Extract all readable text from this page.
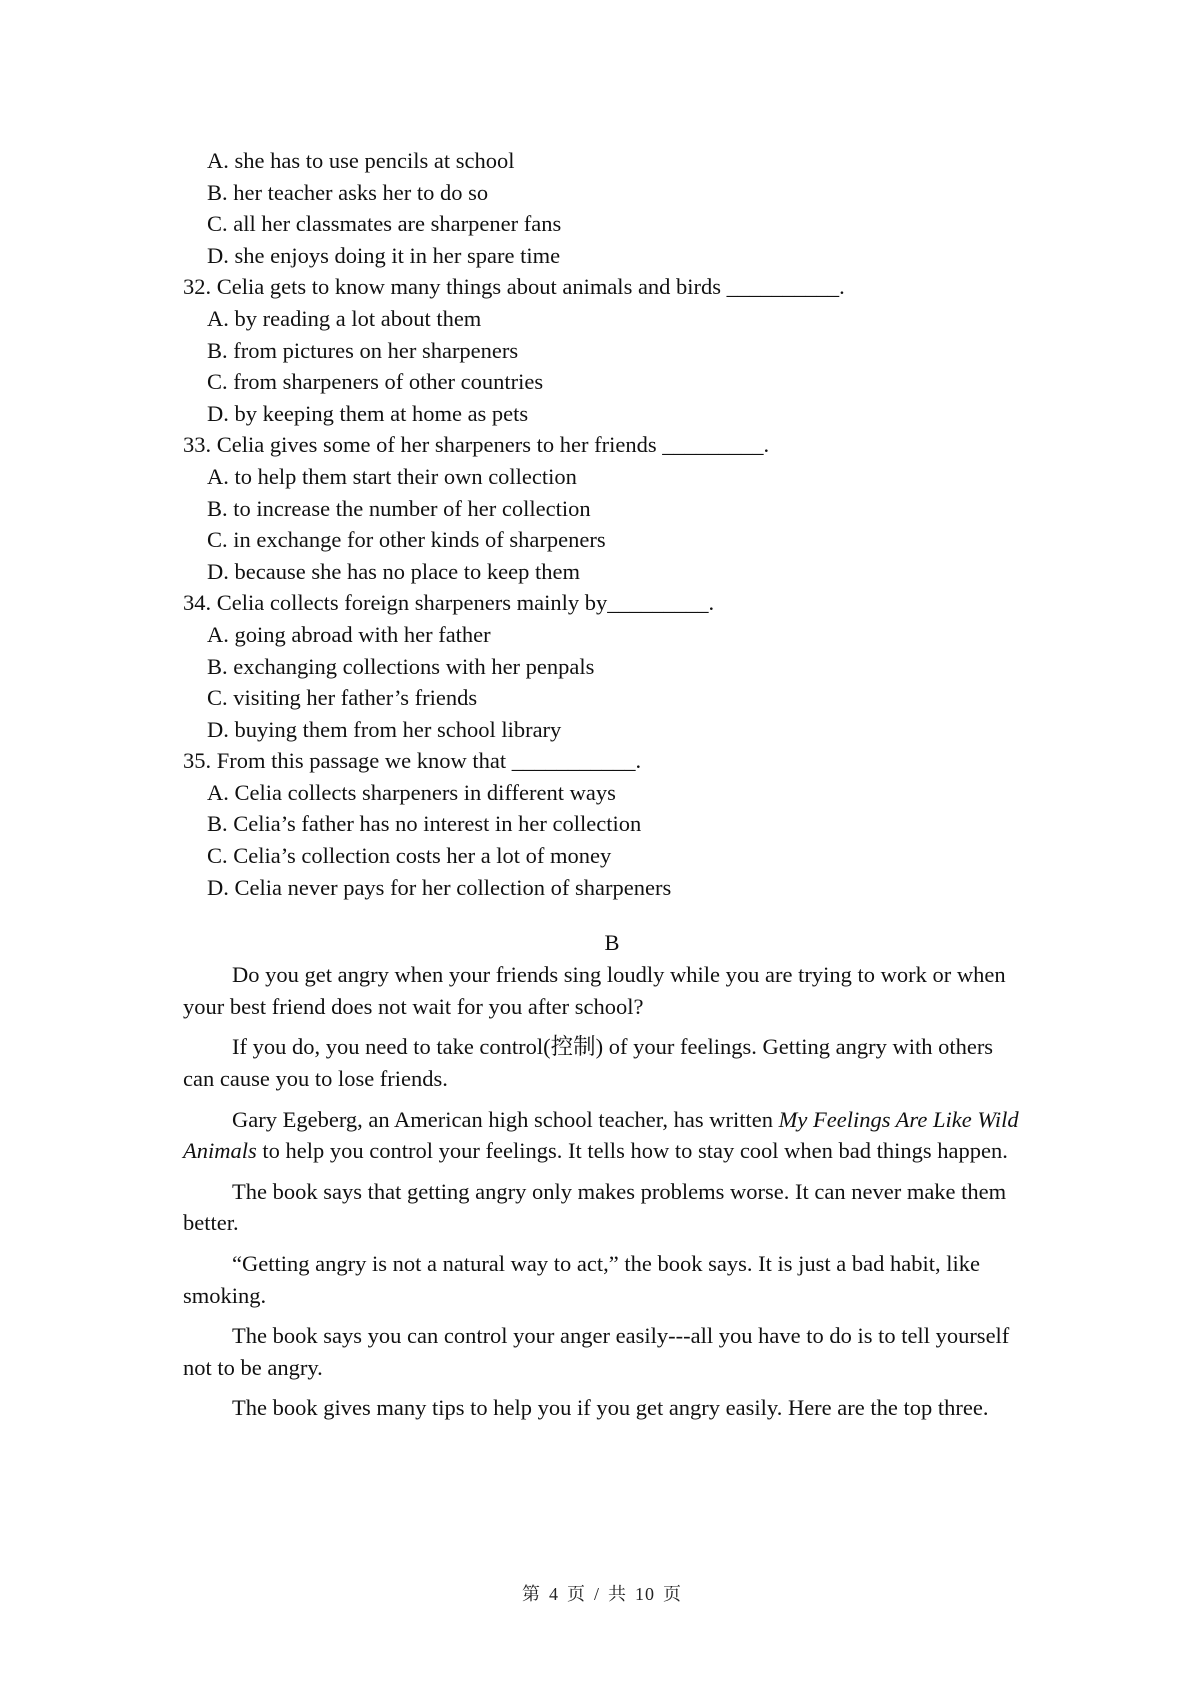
A. she has to use pencils at school
B. her teacher asks her to do so
C. all her classmates are sharpener fans
D. she enjoys doing it in her spare time
32. Celia gets to know many things about animals and birds __________.
A. by reading a lot about them
B. from pictures on her sharpeners
C. from sharpeners of other countries
D. by keeping them at home as pets
33. Celia gives some of her sharpeners to her friends _________.
A. to help them start their own collection
B. to increase the number of her collection
C. in exchange for other kinds of sharpeners
D. because she has no place to keep them
34. Celia collects foreign sharpeners mainly by_________.
A. going abroad with her father
B. exchanging collections with her penpals
C. visiting her father’s friends
D. buying them from her school library
35. From this passage we know that ___________.
A. Celia collects sharpeners in different ways
B. Celia’s father has no interest in her collection
C. Celia’s collection costs her a lot of money
D. Celia never pays for her collection of sharpeners
B

Do you get angry when your friends sing loudly while you are trying to work or when your best friend does not wait for you after school?

If you do, you need to take control(控制) of your feelings. Getting angry with others can cause you to lose friends.

Gary Egeberg, an American high school teacher, has written My Feelings Are Like Wild Animals to help you control your feelings. It tells how to stay cool when bad things happen.

The book says that getting angry only makes problems worse. It can never make them better.

“Getting angry is not a natural way to act,” the book says. It is just a bad habit, like smoking.

The book says you can control your anger easily---all you have to do is to tell yourself not to be angry.

The book gives many tips to help you if you get angry easily. Here are the top three.

第 4 页 / 共 10 页
